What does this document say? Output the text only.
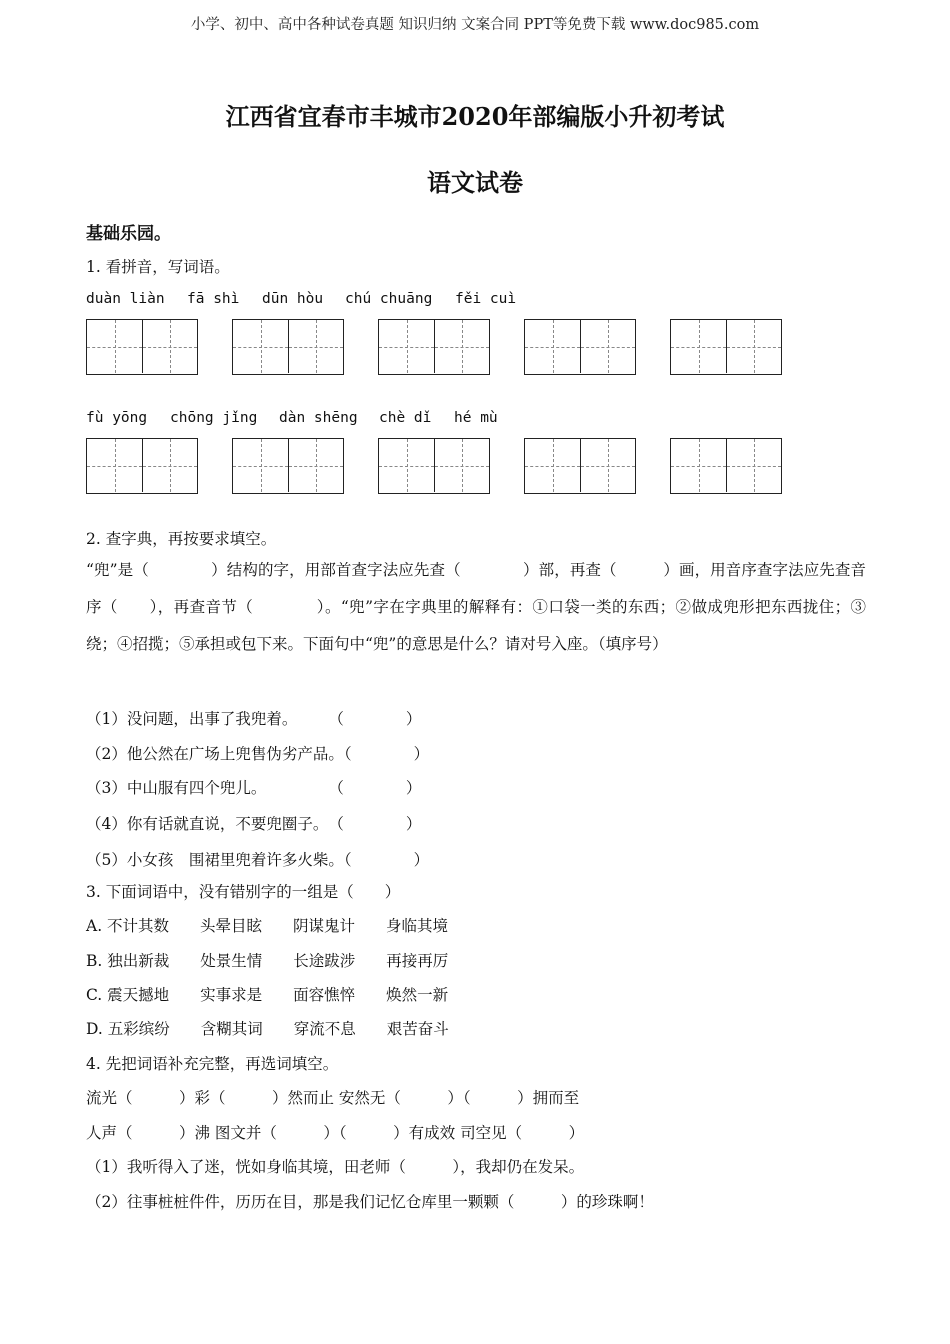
小学、初中、高中各种试卷真题 知识归纳 文案合同 PPT等免费下载 www.doc985.com
江西省宜春市丰城市2020年部编版小升初考试
语文试卷
基础乐园。
1. 看拼音，写词语。
duàn liàn fā shì dūn hòu chú chuāng fěi cuì
fù yōng chōng jǐng dàn shēng chè dǐ hé mù
2. 查字典，再按要求填空。
“兜”是（　　　　）结构的字，用部首查字法应先查（　　　　）部，再查（　　　）画，用音序查字法应先查音序（　　），再查音节（　　　　）。“兜”字在字典里的解释有：①口袋一类的东西；②做成兜形把东西拢住；③绕；④招揽；⑤承担或包下来。下面句中“兜”的意思是什么？请对号入座。（填序号）
（1）没问题，出事了我兜着。　　　（　　　　）
（2）他公然在广场上兜售伪劣产品。（　　　　）
（3）中山服有四个兜儿。　　　　　（　　　　）
（4）你有话就直说，不要兜圈子。　（　　　　）
（5）小女孩　围裙里兜着许多火柴。（　　　　）
3. 下面词语中，没有错别字的一组是（　　）
A. 不计其数　　头晕目眩　　阴谋鬼计　　身临其境
B. 独出新裁　　处景生情　　长途跋涉　　再接再厉
C. 震天撼地　　实事求是　　面容憔悴　　焕然一新
D. 五彩缤纷　　含糊其词　　穿流不息　　艰苦奋斗
4. 先把词语补充完整，再选词填空。
流光（　　　）彩（　　　）然而止 安然无（　　　）（　　　）拥而至
人声（　　　）沸 图文并（　　　）（　　　）有成效 司空见（　　　）
（1）我听得入了迷，恍如身临其境，田老师（　　　），我却仍在发呆。
（2）往事桩桩件件，历历在目，那是我们记忆仓库里一颗颗（　　　）的珍珠啊！
